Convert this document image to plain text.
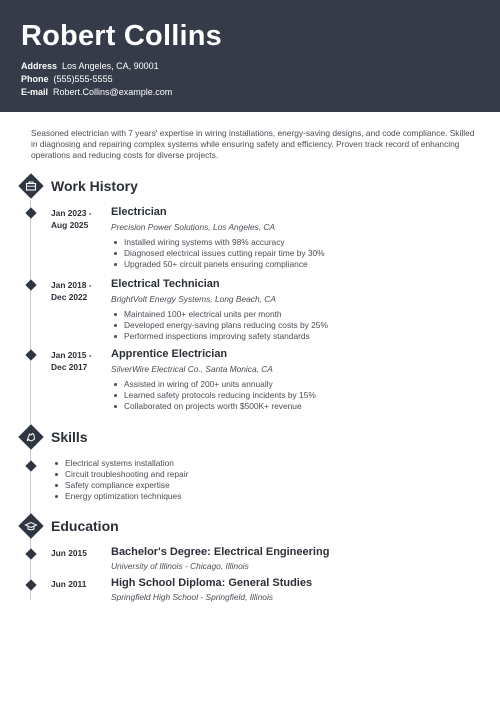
Robert Collins
Address Los Angeles, CA, 90001
Phone (555)555-5555
E-mail Robert.Collins@example.com
Seasoned electrician with 7 years' expertise in wiring installations, energy-saving designs, and code compliance. Skilled in diagnosing and repairing complex systems while ensuring safety and efficiency. Proven track record of enhancing operations and reducing costs for diverse projects.
Work History
Jan 2023 -
Aug 2025
Electrician
Precision Power Solutions, Los Angeles, CA
Installed wiring systems with 98% accuracy
Diagnosed electrical issues cutting repair time by 30%
Upgraded 50+ circuit panels ensuring compliance
Jan 2018 -
Dec 2022
Electrical Technician
BrightVolt Energy Systems, Long Beach, CA
Maintained 100+ electrical units per month
Developed energy-saving plans reducing costs by 25%
Performed inspections improving safety standards
Jan 2015 -
Dec 2017
Apprentice Electrician
SilverWire Electrical Co., Santa Monica, CA
Assisted in wiring of 200+ units annually
Learned safety protocols reducing incidents by 15%
Collaborated on projects worth $500K+ revenue
Skills
Electrical systems installation
Circuit troubleshooting and repair
Safety compliance expertise
Energy optimization techniques
Education
Jun 2015 Bachelor's Degree: Electrical Engineering
University of Illinois - Chicago, Illinois
Jun 2011 High School Diploma: General Studies
Springfield High School - Springfield, Illinois
